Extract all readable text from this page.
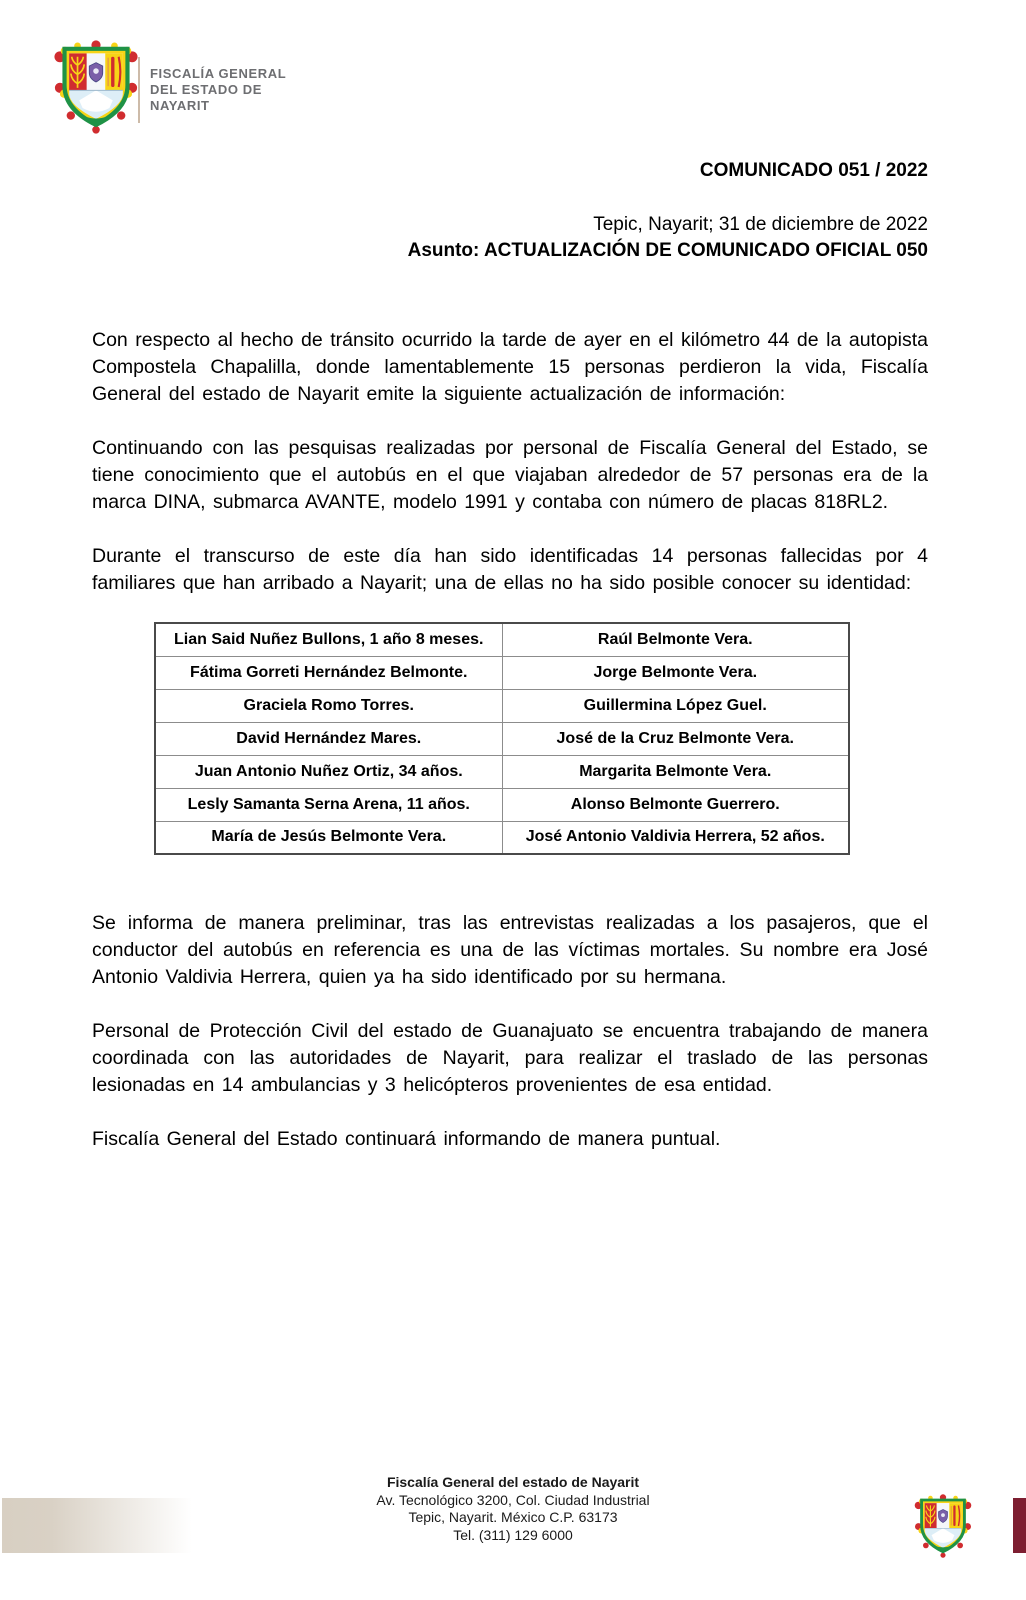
FISCALÍA GENERAL
DEL ESTADO DE
NAYARIT
COMUNICADO 051 / 2022
Tepic, Nayarit; 31 de diciembre de 2022
Asunto: ACTUALIZACIÓN DE COMUNICADO OFICIAL 050

Con respecto al hecho de tránsito ocurrido la tarde de ayer en el kilómetro 44 de la autopista Compostela Chapalilla, donde lamentablemente 15 personas perdieron la vida, Fiscalía General del estado de Nayarit emite la siguiente actualización de información:

Continuando con las pesquisas realizadas por personal de Fiscalía General del Estado, se tiene conocimiento que el autobús en el que viajaban alrededor de 57 personas era de la marca DINA, submarca AVANTE, modelo 1991 y contaba con número de placas 818RL2.

Durante el transcurso de este día han sido identificadas 14 personas fallecidas por 4 familiares que han arribado a Nayarit; una de ellas no ha sido posible conocer su identidad:

Lian Said Nuñez Bullons, 1 año 8 meses.	Raúl Belmonte Vera.
Fátima Gorreti Hernández Belmonte.	Jorge Belmonte Vera.
Graciela Romo Torres.	Guillermina López Guel.
David Hernández Mares.	José de la Cruz Belmonte Vera.
Juan Antonio Nuñez Ortiz, 34 años.	Margarita Belmonte Vera.
Lesly Samanta Serna Arena, 11 años.	Alonso Belmonte Guerrero.
María de Jesús Belmonte Vera.	José Antonio Valdivia Herrera, 52 años.

Se informa de manera preliminar, tras las entrevistas realizadas a los pasajeros, que el conductor del autobús en referencia es una de las víctimas mortales. Su nombre era José Antonio Valdivia Herrera, quien ya ha sido identificado por su hermana.

Personal de Protección Civil del estado de Guanajuato se encuentra trabajando de manera coordinada con las autoridades de Nayarit, para realizar el traslado de las personas lesionadas en 14 ambulancias y 3 helicópteros provenientes de esa entidad.

Fiscalía General del Estado continuará informando de manera puntual.

Fiscalía General del estado de Nayarit
Av. Tecnológico 3200, Col. Ciudad Industrial
Tepic, Nayarit. México C.P. 63173
Tel. (311) 129 6000
